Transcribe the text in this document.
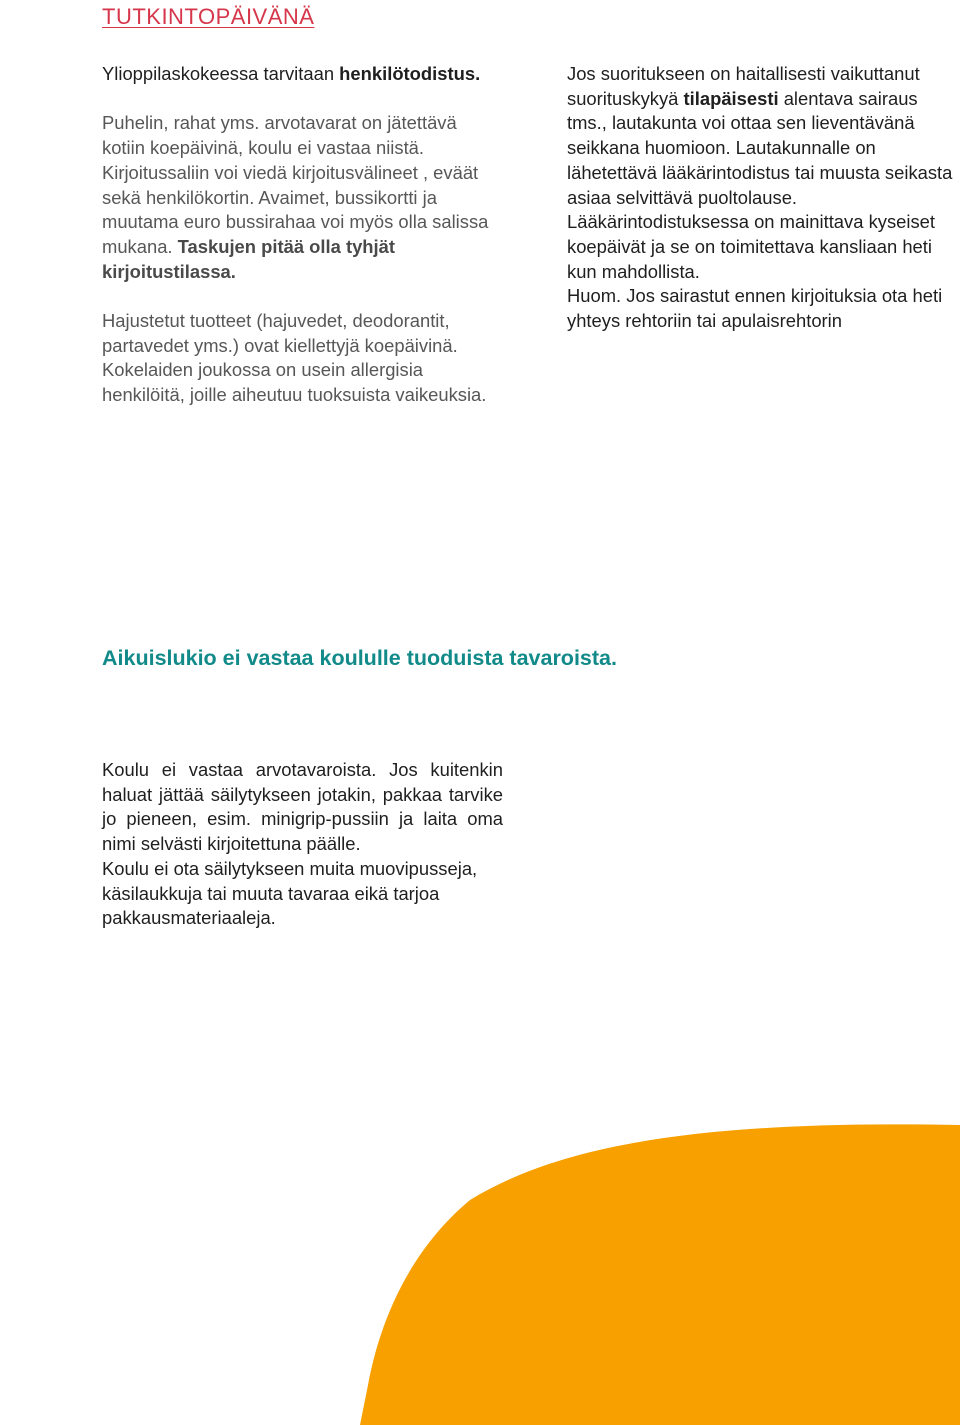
TUTKINTOPÄIVÄNÄ

Ylioppilaskokeessa tarvitaan henkilötodistus.

Puhelin, rahat yms. arvotavarat on jätettävä kotiin koepäivinä, koulu ei vastaa niistä. Kirjoitussaliin voi viedä kirjoitusvälineet , eväät sekä henkilökortin. Avaimet, bussikortti ja muutama euro bussirahaa voi myös olla salissa mukana. Taskujen pitää olla tyhjät kirjoitustilassa.

Hajustetut tuotteet (hajuvedet, deodorantit, partavedet yms.) ovat kiellettyjä koepäivinä. Kokelaiden joukossa on usein allergisia henkilöitä, joille aiheutuu tuoksuista vaikeuksia.

Jos suoritukseen on haitallisesti vaikuttanut suorituskykyä tilapäisesti alentava sairaus tms., lautakunta voi ottaa sen lieventävänä seikkana huomioon. Lautakunnalle on lähetettävä lääkärintodistus tai muusta seikasta asiaa selvittävä puoltolause. Lääkärintodistuksessa on mainittava kyseiset koepäivät ja se on toimitettava kansliaan heti kun mahdollista.

Huom. Jos sairastut ennen kirjoituksia ota heti yhteys rehtoriin tai apulaisrehtorin

Aikuislukio ei vastaa koululle tuoduista tavaroista.

Koulu ei vastaa arvotavaroista. Jos kuitenkin haluat jättää säilytykseen jotakin, pakkaa tarvike jo pieneen, esim. minigrip-pussiin ja laita oma nimi selvästi kirjoitettuna päälle.

Koulu ei ota säilytykseen muita muovipusseja, käsilaukkuja tai muuta tavaraa eikä tarjoa pakkausmateriaaleja.
